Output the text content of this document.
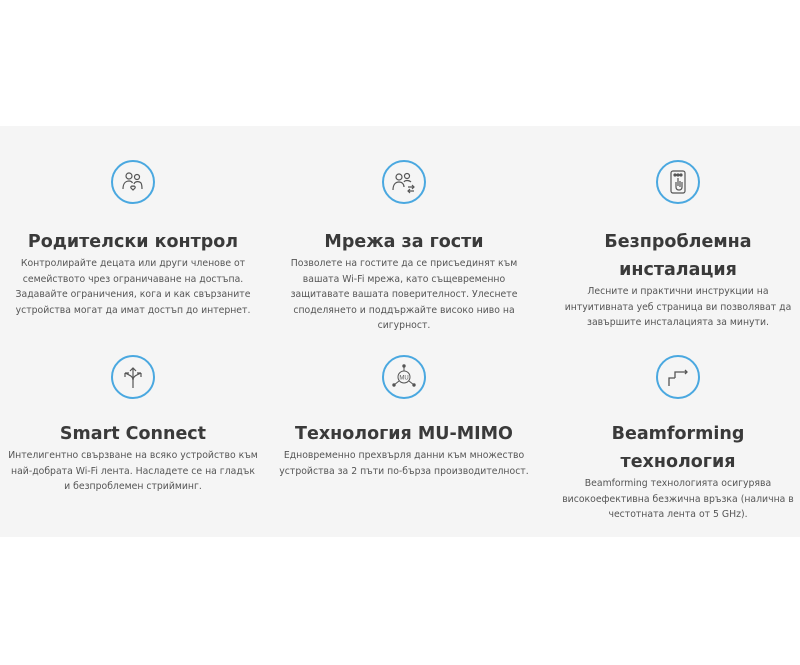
Родителски контрол

Контролирайте децата или други членове от семейството чрез ограничаване на достъпа. Задавайте ограничения, кога и как свързаните устройства могат да имат достъп до интернет.

Мрежа за гости

Позволете на гостите да се присъединят към вашата Wi-Fi мрежа, като същевременно защитавате вашата поверителност. Улеснете споделянето и поддържайте високо ниво на сигурност.

Безпроблемна инсталация

Лесните и практични инструкции на интуитивната уеб страница ви позволяват да завършите инсталацията за минути.

Smart Connect

Интелигентно свързване на всяко устройство към най-добрата Wi-Fi лента. Насладете се на гладък и безпроблемен стрийминг.

MU
Технология MU-MIMO

Едновременно прехвърля данни към множество устройства за 2 пъти по-бърза производителност.

Beamforming технология

Beamforming технологията осигурява високоефективна безжична връзка (налична в честотната лента от 5 GHz).
